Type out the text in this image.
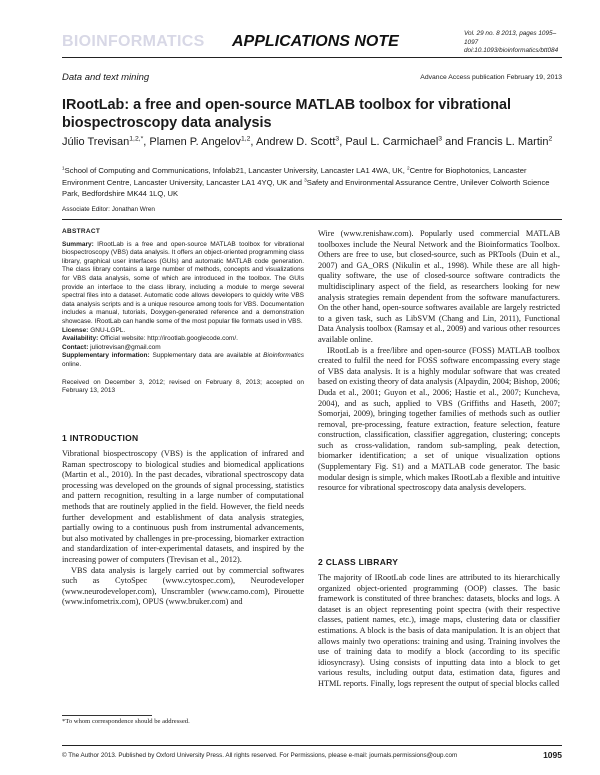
BIOINFORMATICS APPLICATIONS NOTE	Vol. 29 no. 8 2013, pages 1095–1097
doi:10.1093/bioinformatics/btt084
Data and text mining	Advance Access publication February 19, 2013
IRootLab: a free and open-source MATLAB toolbox for vibrational biospectroscopy data analysis
Júlio Trevisan$^{1,2,*}$, Plamen P. Angelov$^{1,2}$, Andrew D. Scott$^3$, Paul L. Carmichael$^3$ and Francis L. Martin$^2$
$^1$School of Computing and Communications, Infolab21, Lancaster University, Lancaster LA1 4WA, UK, $^2$Centre for Biophotonics, Lancaster Environment Centre, Lancaster University, Lancaster LA1 4YQ, UK and $^3$Safety and Environmental Assurance Centre, Unilever Colworth Science Park, Bedfordshire MK44 1LQ, UK
Associate Editor: Jonathan Wren
ABSTRACT

Summary: IRootLab is a free and open-source MATLAB toolbox for vibrational biospectroscopy (VBS) data analysis. It offers an object-oriented programming class library, graphical user interfaces (GUIs) and automatic MATLAB code generation. The class library contains a large number of methods, concepts and visualizations for VBS data analysis, some of which are introduced in the toolbox. The GUIs provide an interface to the class library, including a module to merge several spectral files into a dataset. Automatic code allows developers to quickly write VBS data analysis scripts and is a unique resource among tools for VBS. Documentation includes a manual, tutorials, Doxygen-generated reference and a demonstration showcase. IRootLab can handle some of the most popular file formats used in VBS.

License: GNU-LGPL.

Availability: Official website: http://irootlab.googlecode.com/.

Contact: juliotrevisan@gmail.com

Supplementary information: Supplementary data are available at Bioinformatics online.

Received on December 3, 2012; revised on February 8, 2013; accepted on February 13, 2013

1 INTRODUCTION

Vibrational biospectroscopy (VBS) is the application of infrared and Raman spectroscopy to biological studies and biomedical applications (Martin et al., 2010). In the past decades, vibrational spectroscopy data processing was developed on the grounds of signal processing, statistics and pattern recognition, resulting in a large number of computational methods that are routinely applied in the field. However, the field needs further development and establishment of data analysis strategies, partially owing to a continuous push from instrumental advancements, but also motivated by challenges in pre-processing, biomarker extraction and standardization of inter-experimental datasets, and inspired by the increasing power of computers (Trevisan et al., 2012).

VBS data analysis is largely carried out by commercial softwares such as CytoSpec (www.cytospec.com), Neurodeveloper (www.neurodeveloper.com), Unscrambler (www.camo.com), Pirouette (www.infometrix.com), OPUS (www.bruker.com) and

Wire (www.renishaw.com). Popularly used commercial MATLAB toolboxes include the Neural Network and the Bioinformatics Toolbox. Others are free to use, but closed-source, such as PRTools (Duin et al., 2007) and GA_ORS (Nikulin et al., 1998). While these are all high-quality software, the use of closed-source software contradicts the multidisciplinary aspect of the field, as researchers looking for new analysis strategies remain dependent from the software manufacturers. On the other hand, open-source softwares available are largely restricted to a given task, such as LibSVM (Chang and Lin, 2011), Functional Data Analysis toolbox (Ramsay et al., 2009) and various other resources available online.

IRootLab is a free/libre and open-source (FOSS) MATLAB toolbox created to fulfil the need for FOSS software encompassing every stage of VBS data analysis. It is a highly modular software that was created based on existing theory of data analysis (Alpaydin, 2004; Bishop, 2006; Duda et al., 2001; Guyon et al., 2006; Hastie et al., 2007; Kuncheva, 2004), and as such, applied to VBS (Griffiths and Haseth, 2007; Somorjai, 2009), bringing together families of methods such as outlier removal, pre-processing, feature extraction, feature selection, feature construction, classification, classifier aggregation, clustering; concepts such as cross-validation, random sub-sampling, peak detection, biomarker identification; a set of unique visualization options (Supplementary Fig. S1) and a MATLAB code generator. The basic modular design is simple, which makes IRootLab a flexible and intuitive resource for vibrational spectroscopy data analysis developers.

2 CLASS LIBRARY

The majority of IRootLab code lines are attributed to its hierarchically organized object-oriented programming (OOP) classes. The basic framework is constituted of three branches: datasets, blocks and logs. A dataset is an object representing point spectra (with their respective classes, patient names, etc.), image maps, clustering data or classifier estimations. A block is the basis of data manipulation. It is an object that allows mainly two operations: training and using. Training involves the use of training data to modify a block (according to its specific idiosyncrasy). Using consists of inputting data into a block to get various results, including output data, estimation data, figures and HTML reports. Finally, logs represent the output of special blocks called

*To whom correspondence should be addressed.
© The Author 2013. Published by Oxford University Press. All rights reserved. For Permissions, please e-mail: journals.permissions@oup.com	1095
